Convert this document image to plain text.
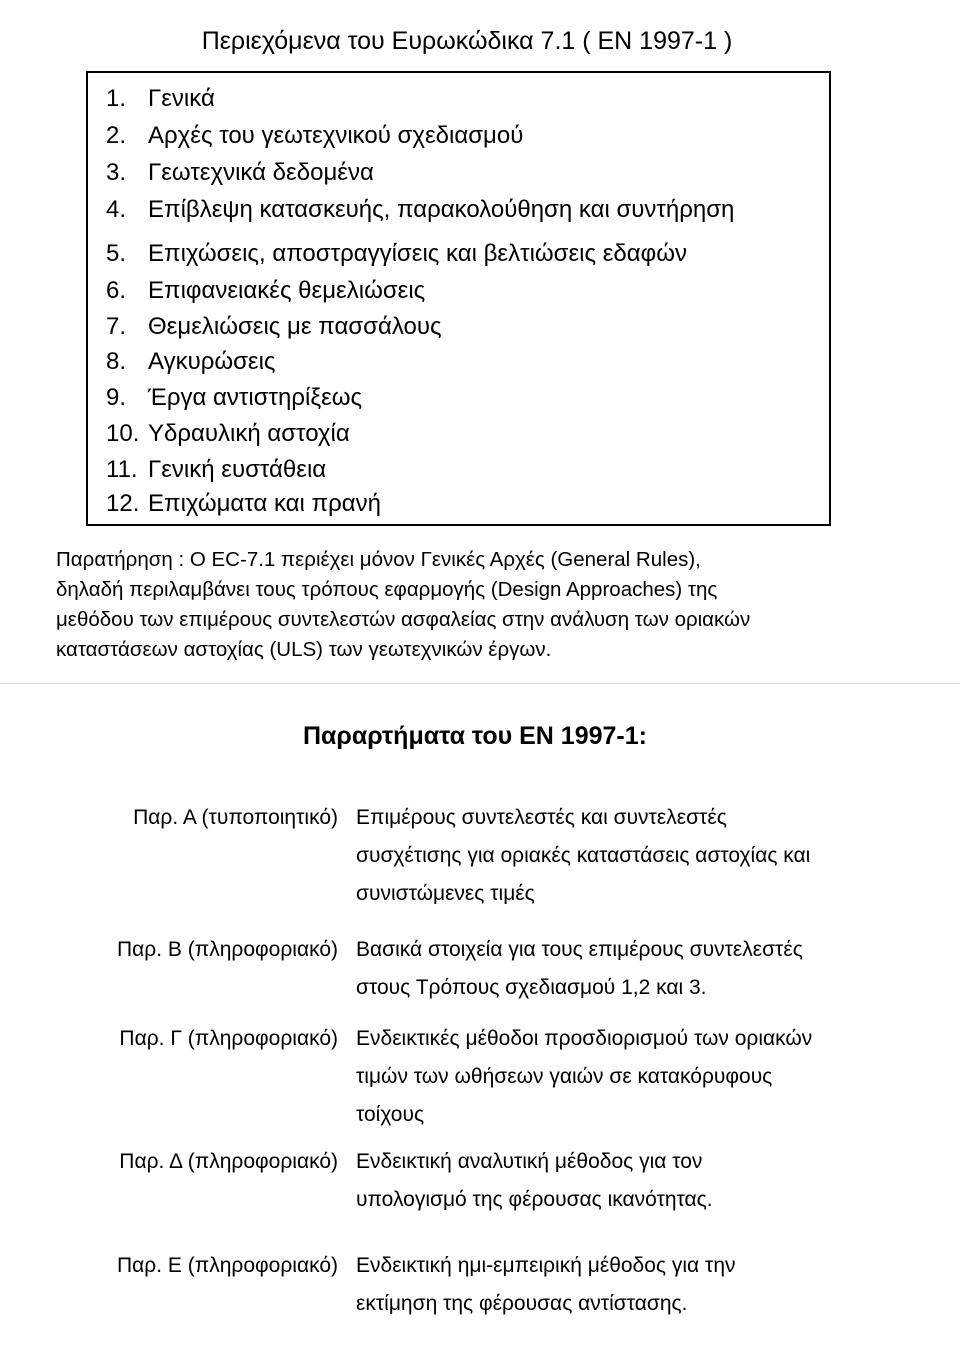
Περιεχόμενα του Ευρωκώδικα 7.1 ( EN 1997-1 )
1. Γενικά
2. Αρχές του γεωτεχνικού σχεδιασμού
3. Γεωτεχνικά δεδομένα
4. Επίβλεψη κατασκευής, παρακολούθηση και συντήρηση
5. Επιχώσεις, αποστραγγίσεις και βελτιώσεις εδαφών
6. Επιφανειακές θεμελιώσεις
7. Θεμελιώσεις με πασσάλους
8. Αγκυρώσεις
9. Έργα αντιστηρίξεως
10. Υδραυλική αστοχία
11. Γενική ευστάθεια
12. Επιχώματα και πρανή
Παρατήρηση : Ο EC-7.1 περιέχει μόνον Γενικές Αρχές (General Rules),
δηλαδή περιλαμβάνει τους τρόπους εφαρμογής (Design Approaches) της
μεθόδου των επιμέρους συντελεστών ασφαλείας στην ανάλυση των οριακών
καταστάσεων αστοχίας (ULS) των γεωτεχνικών έργων.
Παραρτήματα του EN 1997-1:
Παρ. Α (τυποποιητικό) Επιμέρους συντελεστές και συντελεστές
συσχέτισης για οριακές καταστάσεις αστοχίας και
συνιστώμενες τιμές
Παρ. Β (πληροφοριακό) Βασικά στοιχεία για τους επιμέρους συντελεστές
στους Τρόπους σχεδιασμού 1,2 και 3.
Παρ. Γ (πληροφοριακό) Ενδεικτικές μέθοδοι προσδιορισμού των οριακών
τιμών των ωθήσεων γαιών σε κατακόρυφους
τοίχους
Παρ. Δ (πληροφοριακό) Ενδεικτική αναλυτική μέθοδος για τον
υπολογισμό της φέρουσας ικανότητας.
Παρ. Ε (πληροφοριακό) Ενδεικτική ημι-εμπειρική μέθοδος για την
εκτίμηση της φέρουσας αντίστασης.
